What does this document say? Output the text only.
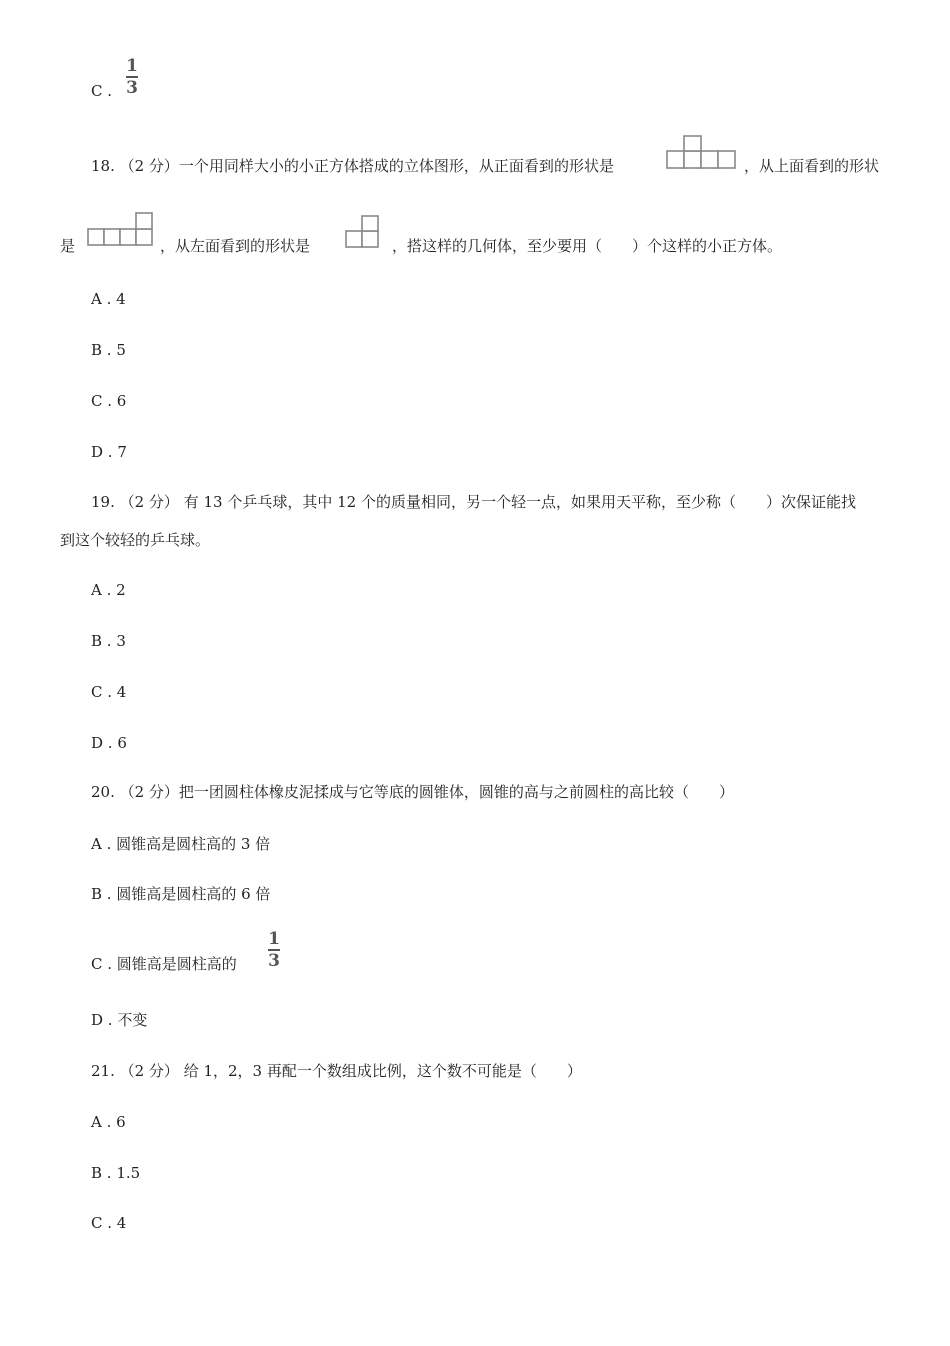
C .
1
3
18. （2 分）一个用同样大小的小正方体搭成的立体图形，从正面看到的形状是	，从上面看到的形状
是	，从左面看到的形状是	，搭这样的几何体，至少要用（　　）个这样的小正方体。
A . 4
B . 5
C . 6
D . 7
19. （2 分） 有 13 个乒乓球，其中 12 个的质量相同，另一个轻一点，如果用天平称，至少称（　　）次保证能找
到这个较轻的乒乓球。
A . 2
B . 3
C . 4
D . 6
20. （2 分）把一团圆柱体橡皮泥揉成与它等底的圆锥体，圆锥的高与之前圆柱的高比较（　　）
A . 圆锥高是圆柱高的 3 倍
B . 圆锥高是圆柱高的 6 倍
C . 圆锥高是圆柱高的
1
3
D . 不变
21. （2 分） 给 1，2，3 再配一个数组成比例，这个数不可能是（　　）
A . 6
B . 1.5
C . 4
